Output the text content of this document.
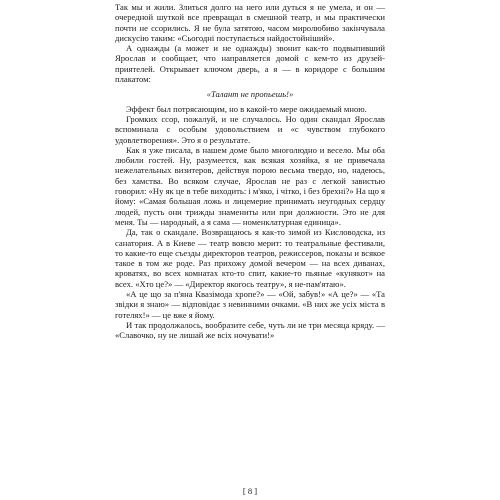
Так мы и жили. Злиться долго на него или дуться я не умела, и он — очередной шуткой все превращал в смешной театр, и мы практически почти не ссорились. Я не була затятою, часом миролюбиво закінчувала дискусію таким: «Сьогодні поступається найдостойніший».

А однажды (а может и не однажды) звонит как-то подвыпивший Ярослав и сообщает, что направляется домой с кем-то из друзей-приятелей. Открывает ключом дверь, а я — в коридоре с большим плакатом:

«Талант не пропьешь!»

Эффект был потрясающим, но в какой-то мере ожидаемый мною.

Громких ссор, пожалуй, и не случалось. Но один скандал Ярослав вспоминала с особым удовольствием и «с чувством глубокого удовлетворения». Это я о результате.

Как я уже писала, в нашем доме было многолюдно и весело. Мы оба любили гостей. Ну, разумеется, как всякая хозяйка, я не привечала нежелательных визитеров, действуя порою весьма твердо, но, надеюсь, без хамства. Во всяком случае, Ярослав не раз с легкой завистью говорил: «Ну як це в тебе виходить: і м'яко, і чітко, і без брехні?» На що я йому: «Самая большая ложь и лицемерие принимать неугодных сердцу людей, пусть они трижды знамениты или при должности. Это не для меня. Ты — народный, а я сама — номенклатурная единица».

Да, так о скандале. Возвращаюсь я как-то зимой из Кисловодска, из санатория. А в Киеве — театр вовсю мерит: то театральные фестивали, то какие-то еще съезды директоров театров, режиссеров, показы и всякое такое в том же роде. Раз прихожу домой вечером — на всех диванах, кроватях, во всех комнатах кто-то спит, какие-то пьяные «кунякот» на всех. «Хто це?» — «Директор якогось театру», я не-пам'ятаю».

«А це що за п'яна Квазімода хропе?» — «Ой, забув!» «А це?» — «Та звідки я знаю» — відповідає з невинними очками. «В них же усіх міста в готелях!» — це вже я йому.

И так продолжалось, вообразите себе, чуть ли не три месяца кряду. — «Славочко, ну не лишай же всіх ночувати!»

[ 8 ]
